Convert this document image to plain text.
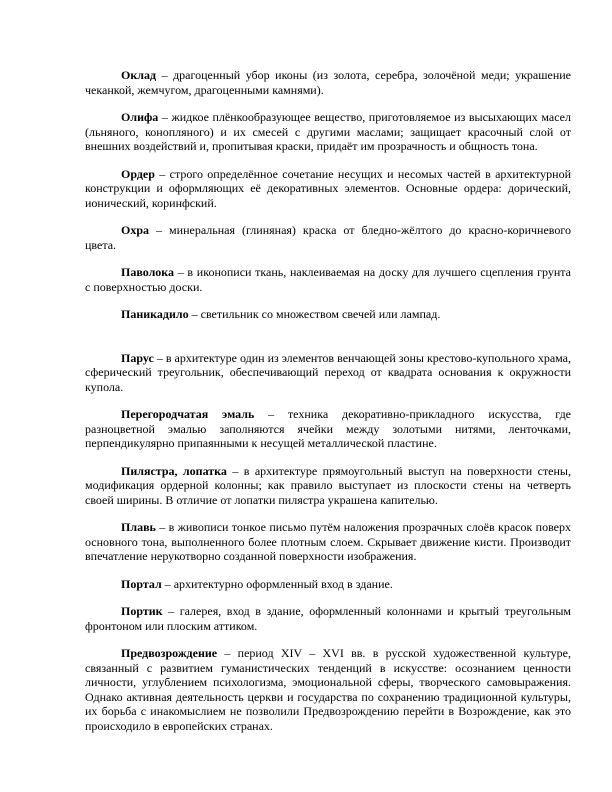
Оклад – драгоценный убор иконы (из золота, серебра, золочёной меди; украшение чеканкой, жемчугом, драгоценными камнями).

Олифа – жидкое плёнкообразующее вещество, приготовляемое из высыхающих масел (льняного, конопляного) и их смесей с другими маслами; защищает красочный слой от внешних воздействий и, пропитывая краски, придаёт им прозрачность и общность тона.

Ордер – строго определённое сочетание несущих и несомых частей в архитектурной конструкции и оформляющих её декоративных элементов. Основные ордера: дорический, ионический, коринфский.

Охра – минеральная (глиняная) краска от бледно-жёлтого до красно-коричневого цвета.

Паволока – в иконописи ткань, наклеиваемая на доску для лучшего сцепления грунта с поверхностью доски.

Паникадило – светильник со множеством свечей или лампад.

Парус – в архитектуре один из элементов венчающей зоны крестово-купольного храма, сферический треугольник, обеспечивающий переход от квадрата основания к окружности купола.

Перегородчатая эмаль – техника декоративно-прикладного искусства, где разноцветной эмалью заполняются ячейки между золотыми нитями, ленточками, перпендикулярно припаянными к несущей металлической пластине.

Пилястра, лопатка – в архитектуре прямоугольный выступ на поверхности стены, модификация ордерной колонны; как правило выступает из плоскости стены на четверть своей ширины. В отличие от лопатки пилястра украшена капителью.

Плавь – в живописи тонкое письмо путём наложения прозрачных слоёв красок поверх основного тона, выполненного более плотным слоем. Скрывает движение кисти. Производит впечатление нерукотворно созданной поверхности изображения.

Портал – архитектурно оформленный вход в здание.

Портик – галерея, вход в здание, оформленный колоннами и крытый треугольным фронтоном или плоским аттиком.

Предвозрождение – период XIV – XVI вв. в русской художественной культуре, связанный с развитием гуманистических тенденций в искусстве: осознанием ценности личности, углублением психологизма, эмоциональной сферы, творческого самовыражения. Однако активная деятельность церкви и государства по сохранению традиционной культуры, их борьба с инакомыслием не позволили Предвозрождению перейти в Возрождение, как это происходило в европейских странах.
